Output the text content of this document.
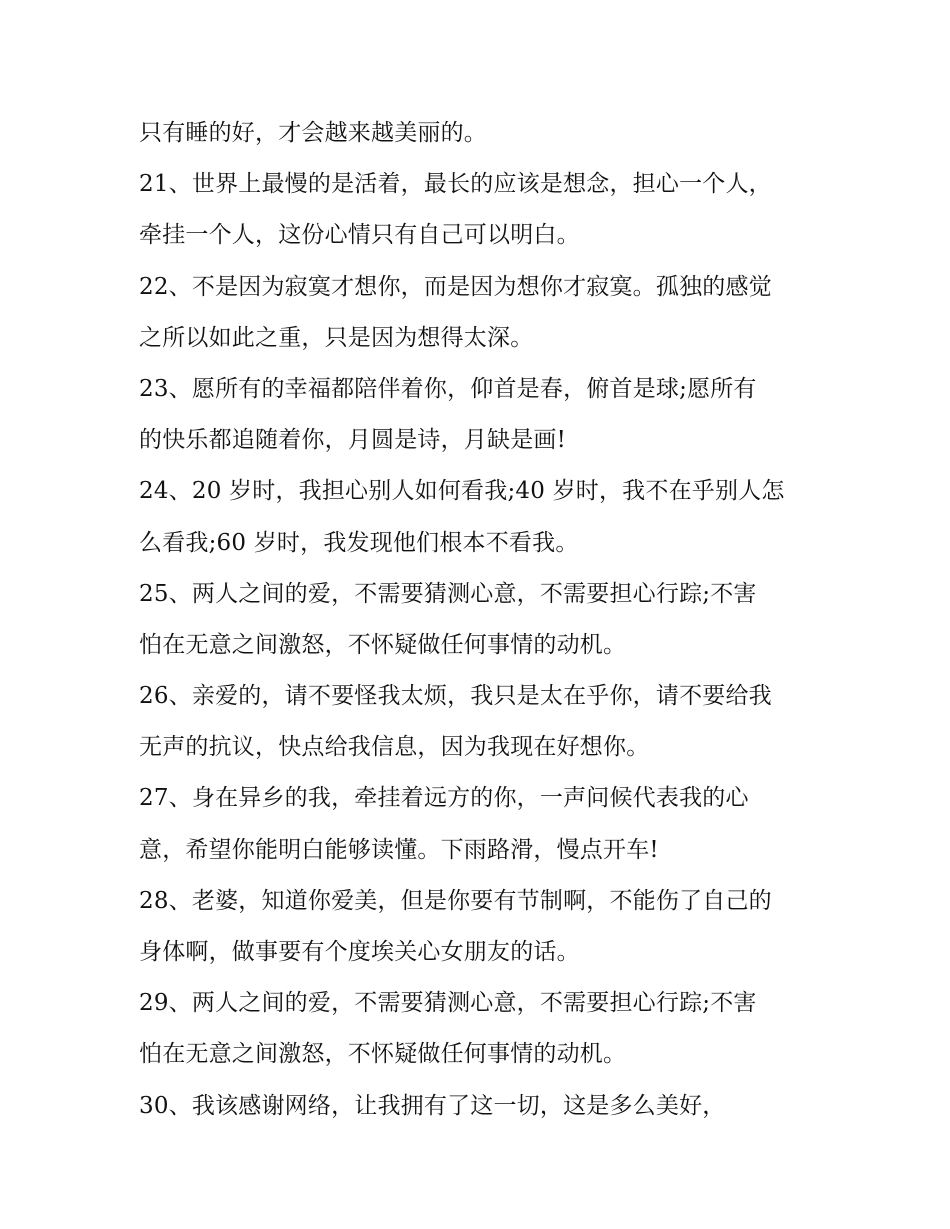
只有睡的好，才会越来越美丽的。
21、世界上最慢的是活着，最长的应该是想念，担心一个人，
牵挂一个人，这份心情只有自己可以明白。
22、不是因为寂寞才想你，而是因为想你才寂寞。孤独的感觉
之所以如此之重，只是因为想得太深。
23、愿所有的幸福都陪伴着你，仰首是春，俯首是球;愿所有
的快乐都追随着你，月圆是诗，月缺是画!
24、20 岁时，我担心别人如何看我;40 岁时，我不在乎别人怎
么看我;60 岁时，我发现他们根本不看我。
25、两人之间的爱，不需要猜测心意，不需要担心行踪;不害
怕在无意之间激怒，不怀疑做任何事情的动机。
26、亲爱的，请不要怪我太烦，我只是太在乎你，请不要给我
无声的抗议，快点给我信息，因为我现在好想你。
27、身在异乡的我，牵挂着远方的你，一声问候代表我的心
意，希望你能明白能够读懂。下雨路滑，慢点开车!
28、老婆，知道你爱美，但是你要有节制啊，不能伤了自己的
身体啊，做事要有个度埃关心女朋友的话。
29、两人之间的爱，不需要猜测心意，不需要担心行踪;不害
怕在无意之间激怒，不怀疑做任何事情的动机。
30、我该感谢网络，让我拥有了这一切，这是多么美好，
